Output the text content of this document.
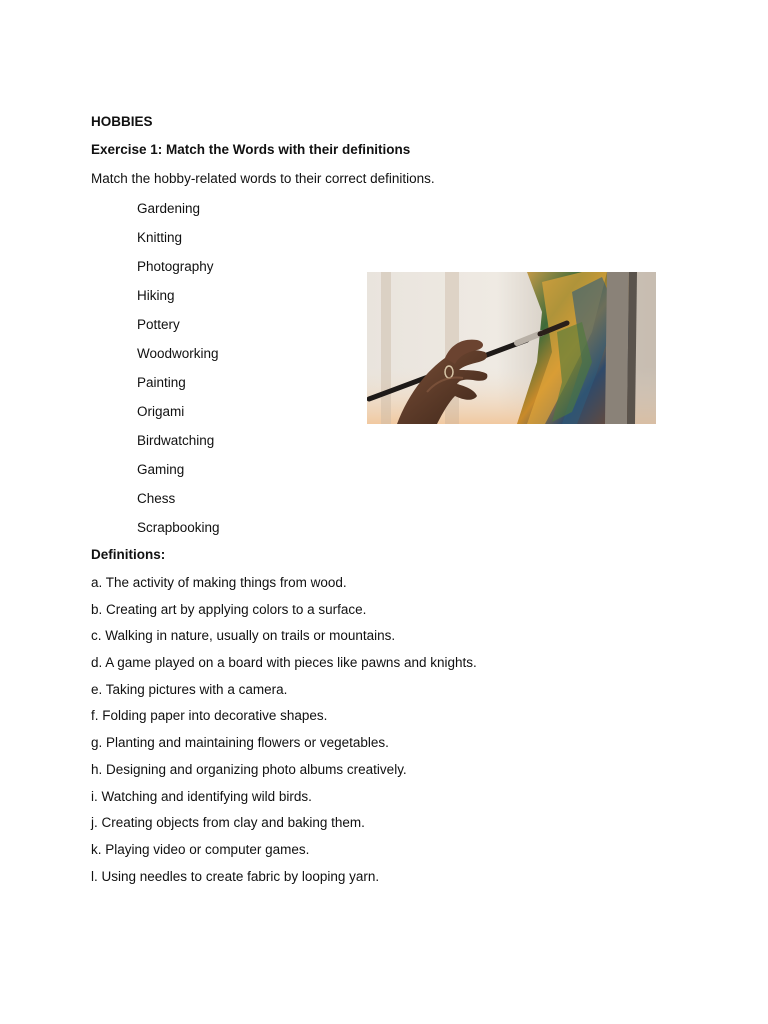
HOBBIES
Exercise 1: Match the Words with their definitions
Match the hobby-related words to their correct definitions.
Gardening
Knitting
Photography
Hiking
Pottery
Woodworking
Painting
Origami
Birdwatching
Gaming
Chess
Scrapbooking
Definitions:
a. The activity of making things from wood.
b. Creating art by applying colors to a surface.
c. Walking in nature, usually on trails or mountains.
d. A game played on a board with pieces like pawns and knights.
e. Taking pictures with a camera.
f. Folding paper into decorative shapes.
g. Planting and maintaining flowers or vegetables.
h. Designing and organizing photo albums creatively.
i. Watching and identifying wild birds.
j. Creating objects from clay and baking them.
k. Playing video or computer games.
l. Using needles to create fabric by looping yarn.
